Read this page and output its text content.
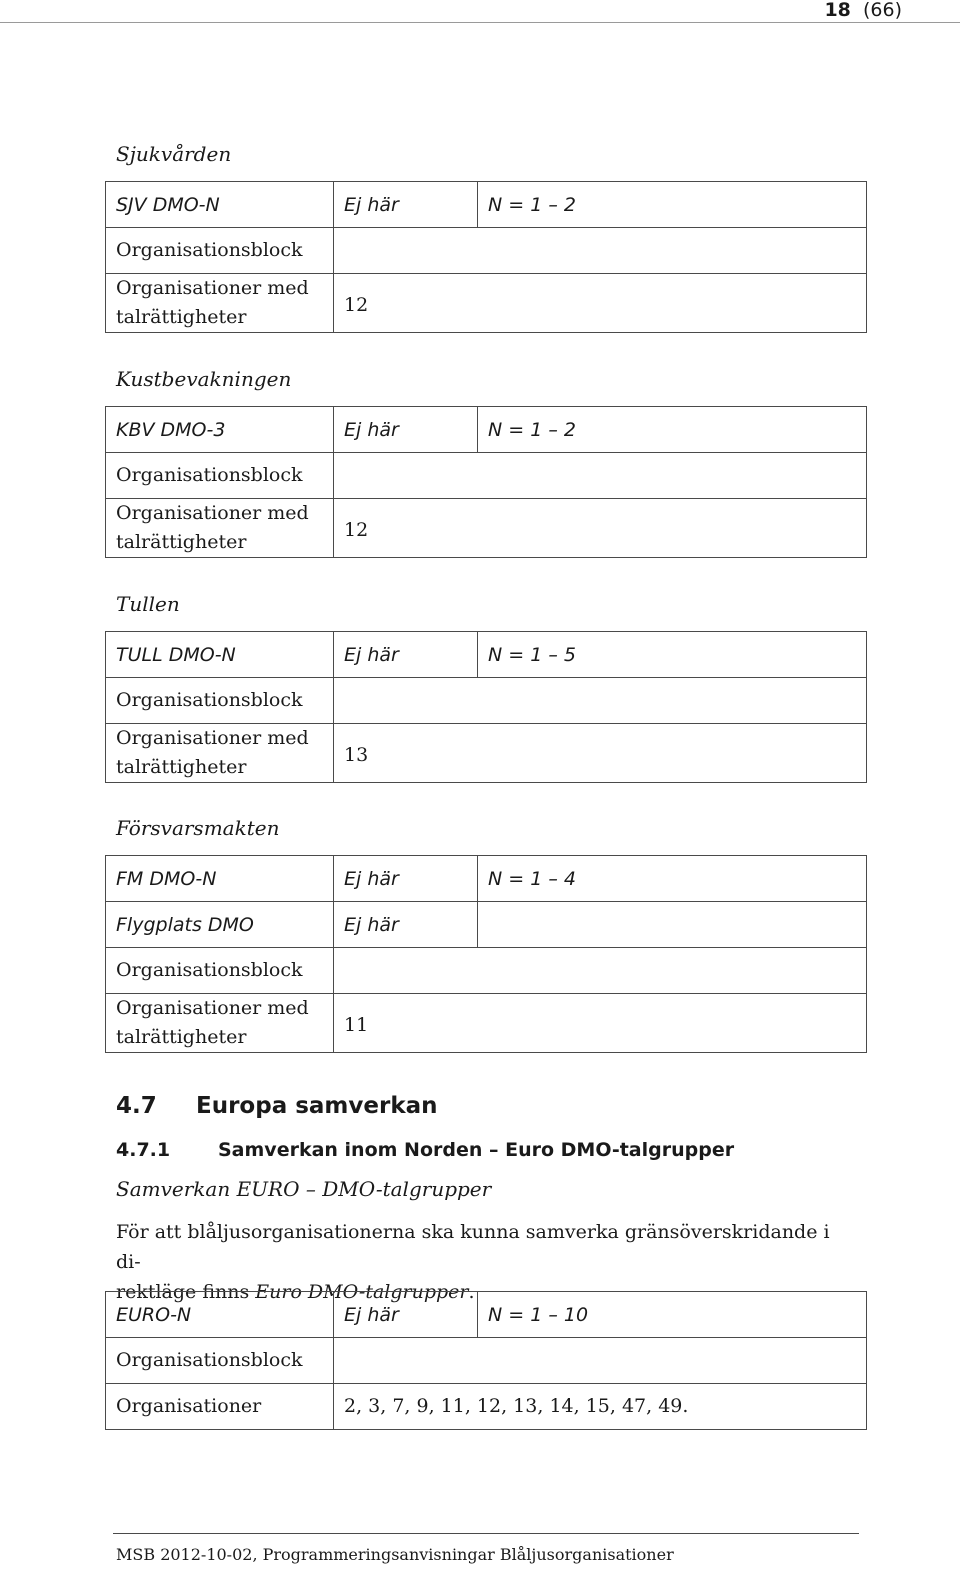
18 (66)
Sjukvården
SJV DMO-N	Ej här	N = 1 – 2
Organisationsblock		

Organisationer med
talrättigheter	12	
Kustbevakningen
KBV DMO-3	Ej här	N = 1 – 2
Organisationsblock		

Organisationer med
talrättigheter	12	
Tullen
TULL DMO-N	Ej här	N = 1 – 5
Organisationsblock		

Organisationer med
talrättigheter	13	
Försvarsmakten
FM DMO-N	Ej här	N = 1 – 4
Flygplats DMO	Ej här	
Organisationsblock		

Organisationer med
talrättigheter	11	
4.7 Europa samverkan
4.7.1	Samverkan inom Norden – Euro DMO-talgrupper
Samverkan EURO – DMO-talgrupper
För att blåljusorganisationerna ska kunna samverka gränsöverskridande i di-
rektläge finns Euro DMO-talgrupper.
EURO-N	Ej här	N = 1 – 10
Organisationsblock		
Organisationer	2, 3, 7, 9, 11, 12, 13, 14, 15, 47, 49.	
MSB 2012-10-02, Programmeringsanvisningar Blåljusorganisationer
